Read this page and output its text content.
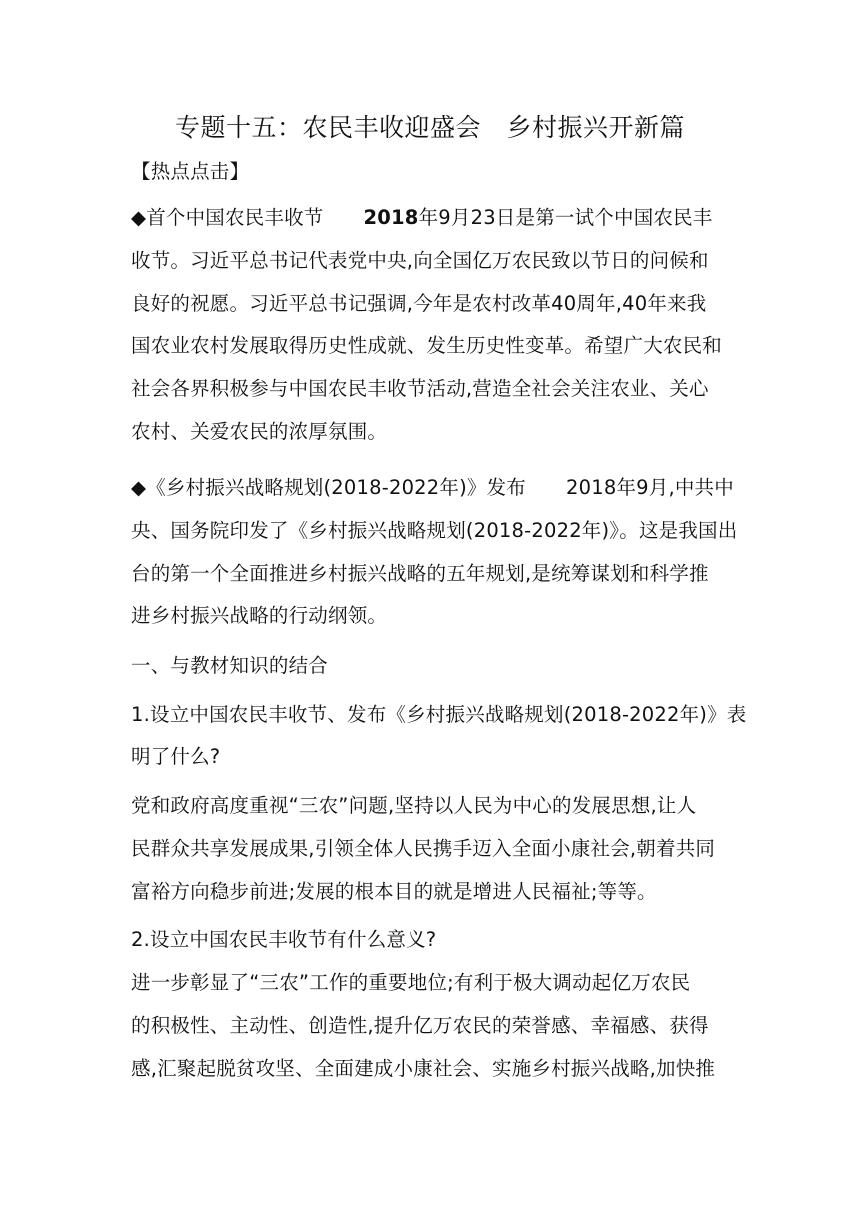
专题十五：农民丰收迎盛会　乡村振兴开新篇
【热点点击】
◆首个中国农民丰收节 2018年9月23日是第一试个中国农民丰
收节。习近平总书记代表党中央,向全国亿万农民致以节日的问候和
良好的祝愿。习近平总书记强调,今年是农村改革40周年,40年来我
国农业农村发展取得历史性成就、发生历史性变革。希望广大农民和
社会各界积极参与中国农民丰收节活动,营造全社会关注农业、关心
农村、关爱农民的浓厚氛围。
◆《乡村振兴战略规划(2018-2022年)》发布 2018年9月,中共中
央、国务院印发了《乡村振兴战略规划(2018-2022年)》。这是我国出
台的第一个全面推进乡村振兴战略的五年规划,是统筹谋划和科学推
进乡村振兴战略的行动纲领。
一、与教材知识的结合
1.设立中国农民丰收节、发布《乡村振兴战略规划(2018-2022年)》表
明了什么?
党和政府高度重视“三农”问题,坚持以人民为中心的发展思想,让人
民群众共享发展成果,引领全体人民携手迈入全面小康社会,朝着共同
富裕方向稳步前进;发展的根本目的就是增进人民福祉;等等。
2.设立中国农民丰收节有什么意义?
进一步彰显了“三农”工作的重要地位;有利于极大调动起亿万农民
的积极性、主动性、创造性,提升亿万农民的荣誉感、幸福感、获得
感,汇聚起脱贫攻坚、全面建成小康社会、实施乡村振兴战略,加快推
